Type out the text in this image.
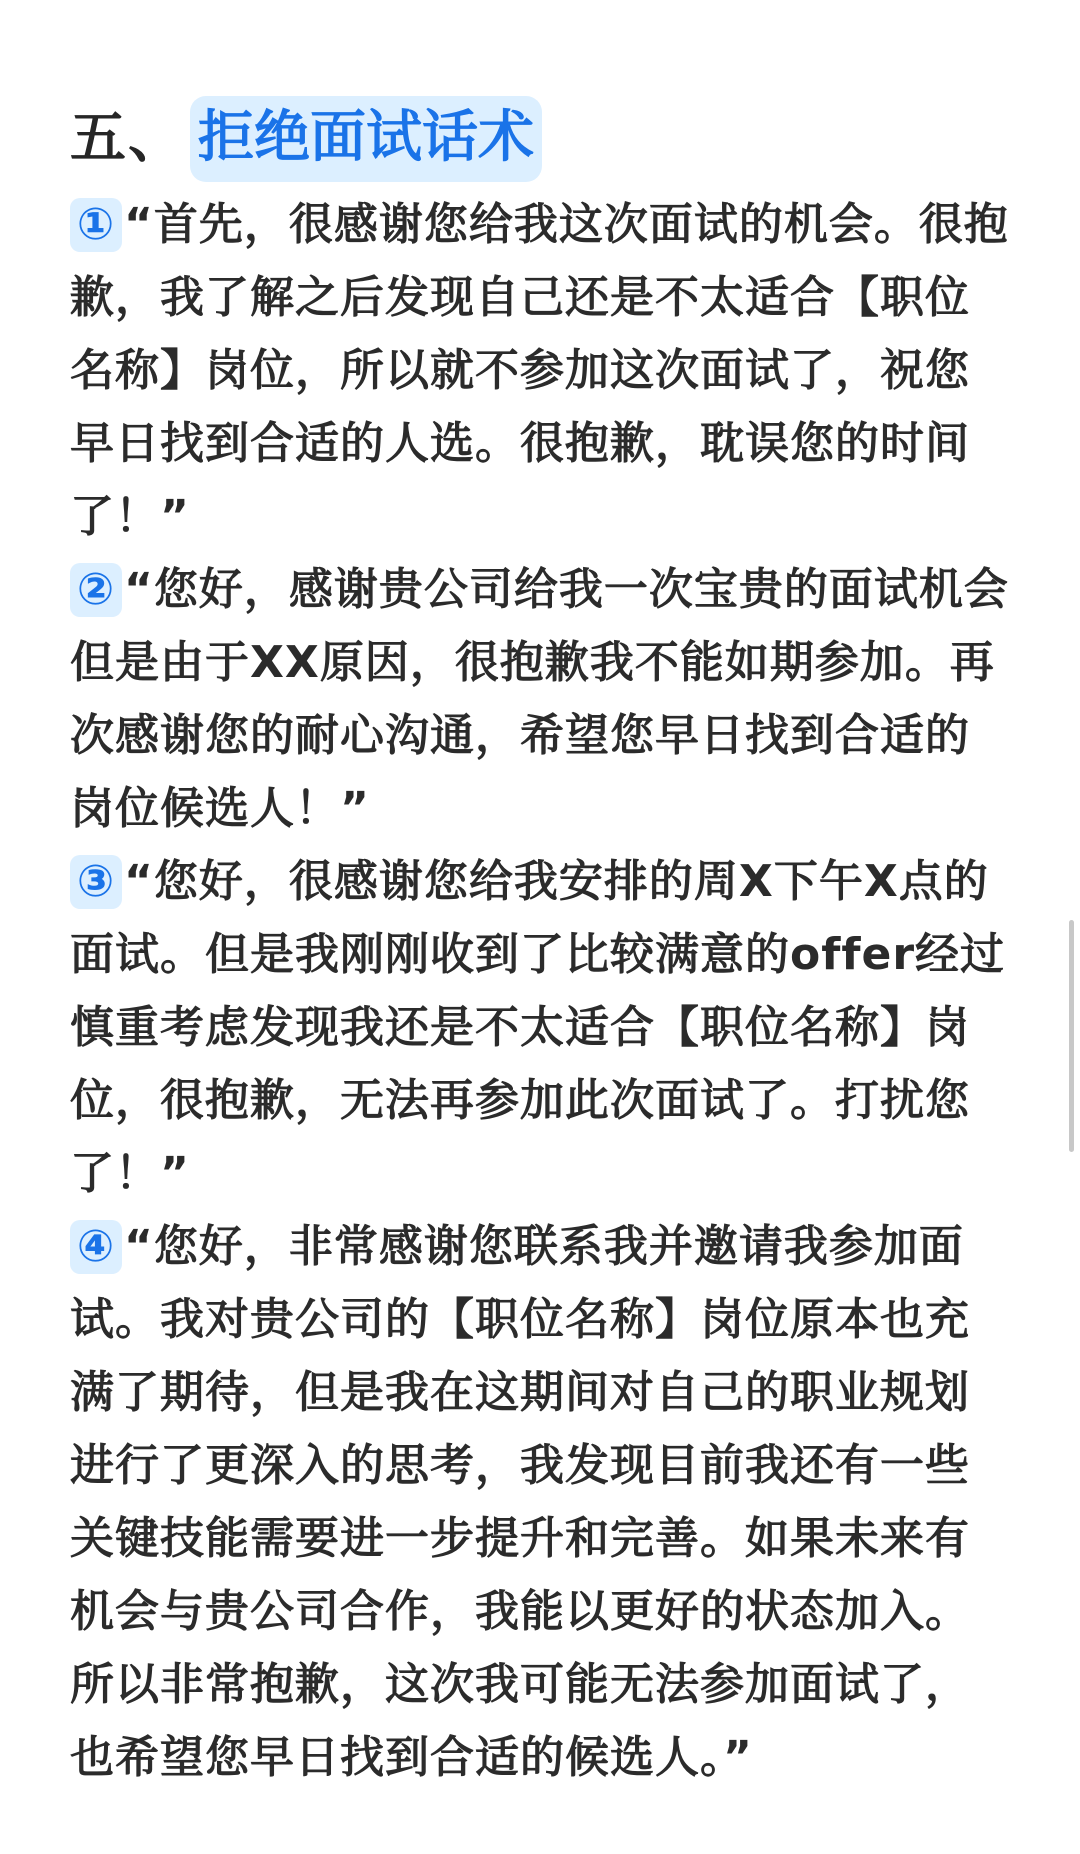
五、 拒绝面试话术

① “首先，很感谢您给我这次面试的机会。很抱歉，我了解之后发现自己还是不太适合【职位名称】岗位，所以就不参加这次面试了，祝您早日找到合适的人选。很抱歉，耽误您的时间了！”

② “您好，感谢贵公司给我一次宝贵的面试机会但是由于XX原因，很抱歉我不能如期参加。再次感谢您的耐心沟通，希望您早日找到合适的岗位候选人！”

③ “您好，很感谢您给我安排的周X下午X点的面试。但是我刚刚收到了比较满意的offer经过慎重考虑发现我还是不太适合【职位名称】岗位，很抱歉，无法再参加此次面试了。打扰您了！”

④ “您好，非常感谢您联系我并邀请我参加面试。我对贵公司的【职位名称】岗位原本也充满了期待，但是我在这期间对自己的职业规划进行了更深入的思考，我发现目前我还有一些关键技能需要进一步提升和完善。如果未来有机会与贵公司合作，我能以更好的状态加入。所以非常抱歉，这次我可能无法参加面试了，也希望您早日找到合适的候选人。”
